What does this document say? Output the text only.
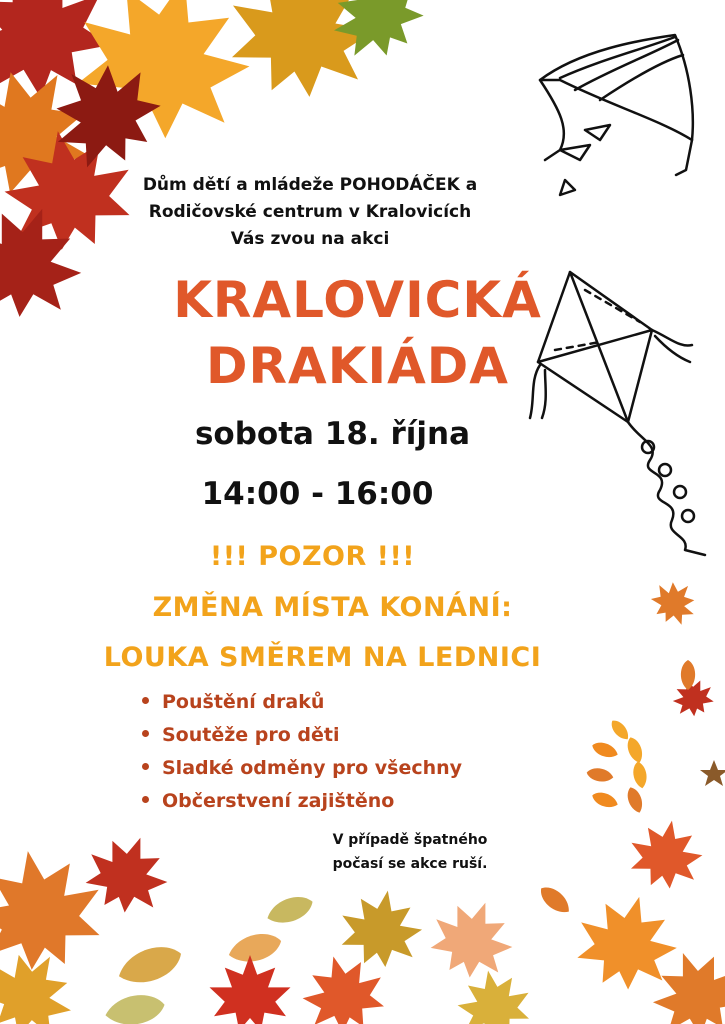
Dům dětí a mládeže POHODÁČEK a
Rodičovské centrum v Kralovicích
Vás zvou na akci
KRALOVICKÁ
DRAKIÁDA
sobota 18. října
14:00 - 16:00
!!! POZOR !!!
ZMĚNA MÍSTA KONÁNÍ:
LOUKA SMĚREM NA LEDNICI
Pouštění draků
Soutěže pro děti
Sladké odměny pro všechny
Občerstvení zajištěno
V případě špatného
počasí se akce ruší.
